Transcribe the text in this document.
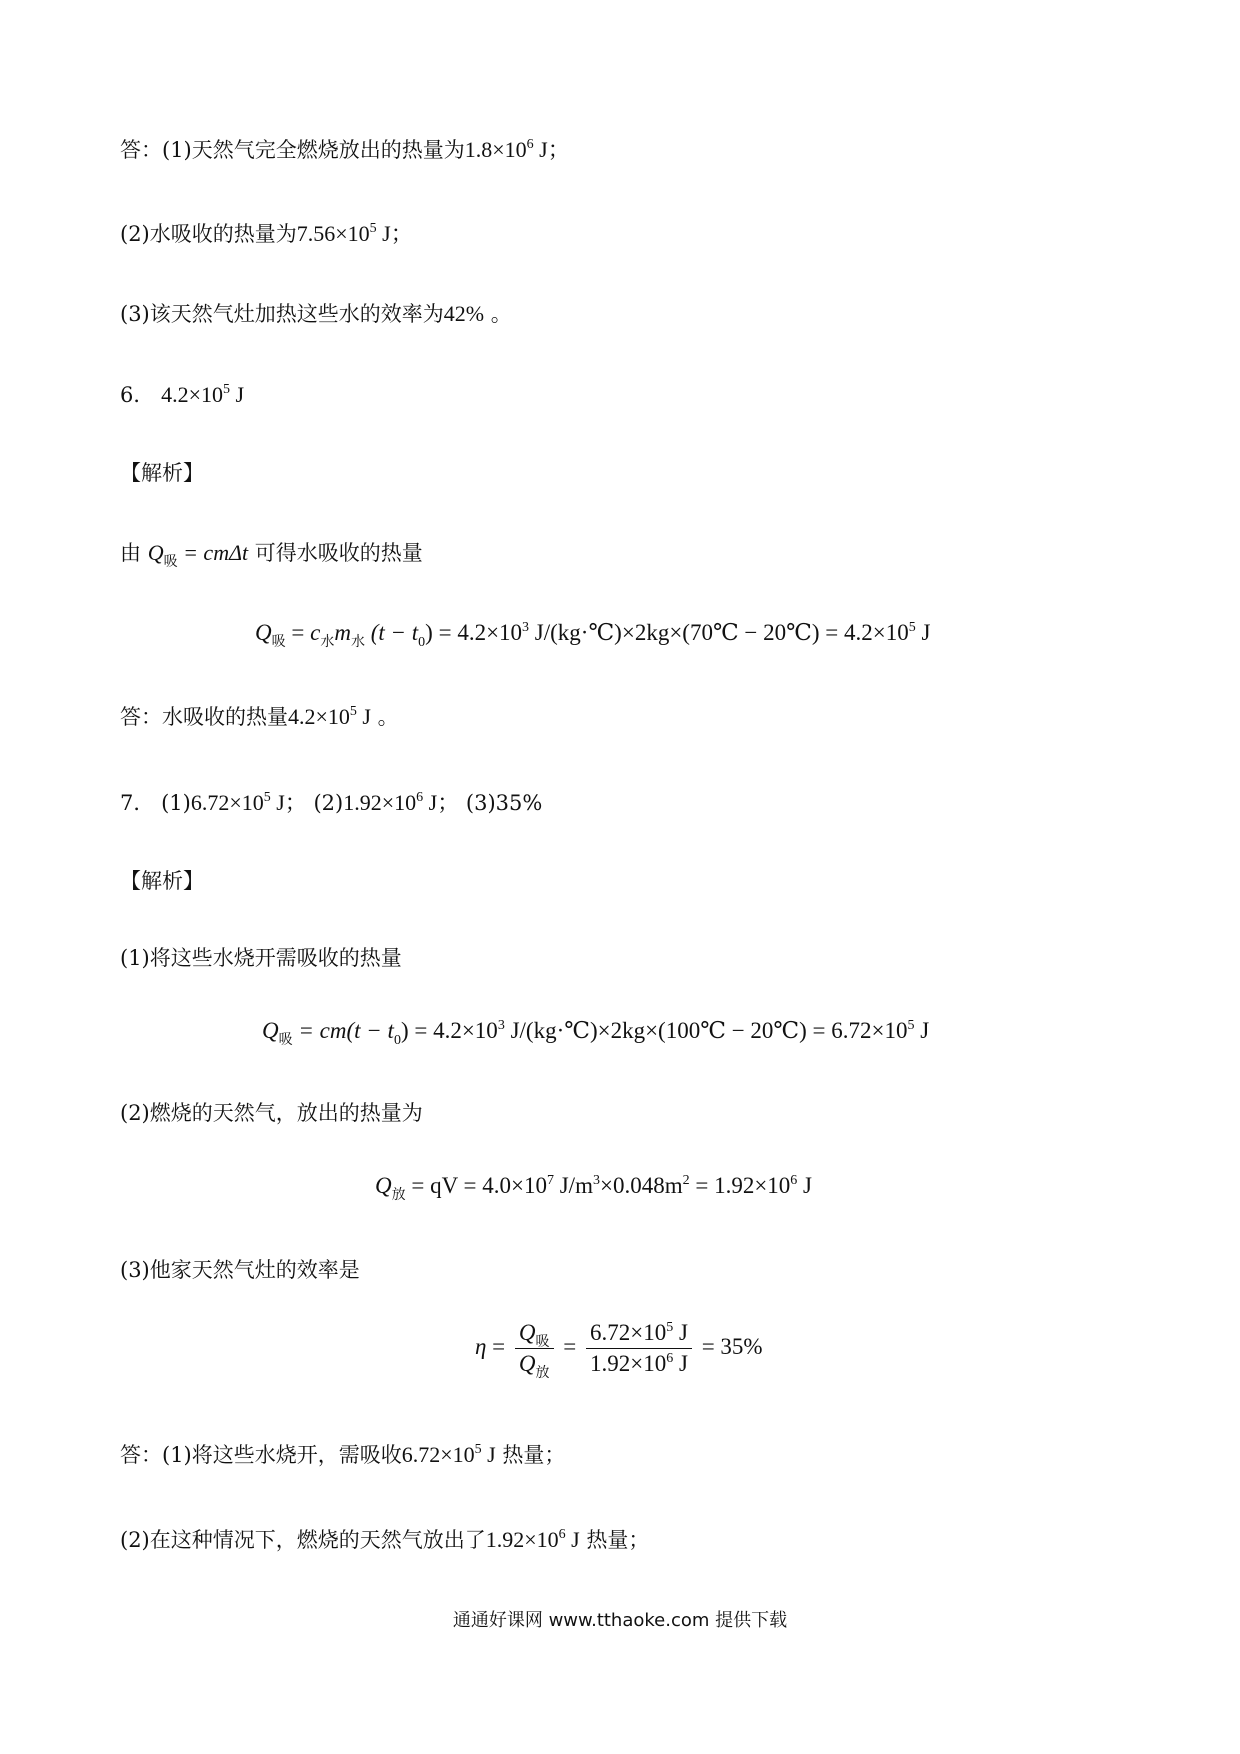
答：(1)天然气完全燃烧放出的热量为$1.8\times 10^6$ J；
(2)水吸收的热量为$7.56\times 10^5$ J；
(3)该天然气灶加热这些水的效率为42% 。
6． $4.2\times 10^5$ J
【解析】
由 $Q_吸 = cm\Delta t$ 可得水吸收的热量
$Q_吸 = c_水m_水$ $(t - t_0) = 4.2\times 10^3$ J/(kg·℃)×2kg×(70℃ − 20℃) = $4.2\times 10^5$ J
答：水吸收的热量$4.2\times 10^5$ J 。
7． $(1)6.72\times 10^5$ J； $(2)1.92\times 10^6$ J； (3)35%
【解析】
(1)将这些水烧开需吸收的热量
$Q_吸 = cm(t - t_0) = 4.2\times 10^3$ J/(kg·℃)×2kg×(100℃ − 20℃) = $6.72\times 10^5$ J
(2)燃烧的天然气，放出的热量为
$Q_放$ = qV = $4.0\times 10^7$ $J/m^3\times 0.048m^2 = 1.92\times 10^6$ J
(3)他家天然气灶的效率是
$\eta = \frac{Q_吸}{Q_放} = \frac{6.72\times 10^5 J}{1.92\times 10^6 J} = 35\%$
答：(1)将这些水烧开，需吸收$6.72\times 10^5$ J 热量；
(2)在这种情况下，燃烧的天然气放出了$1.92\times 10^6$ J 热量；
通通好课网 www.tthaoke.com 提供下载
